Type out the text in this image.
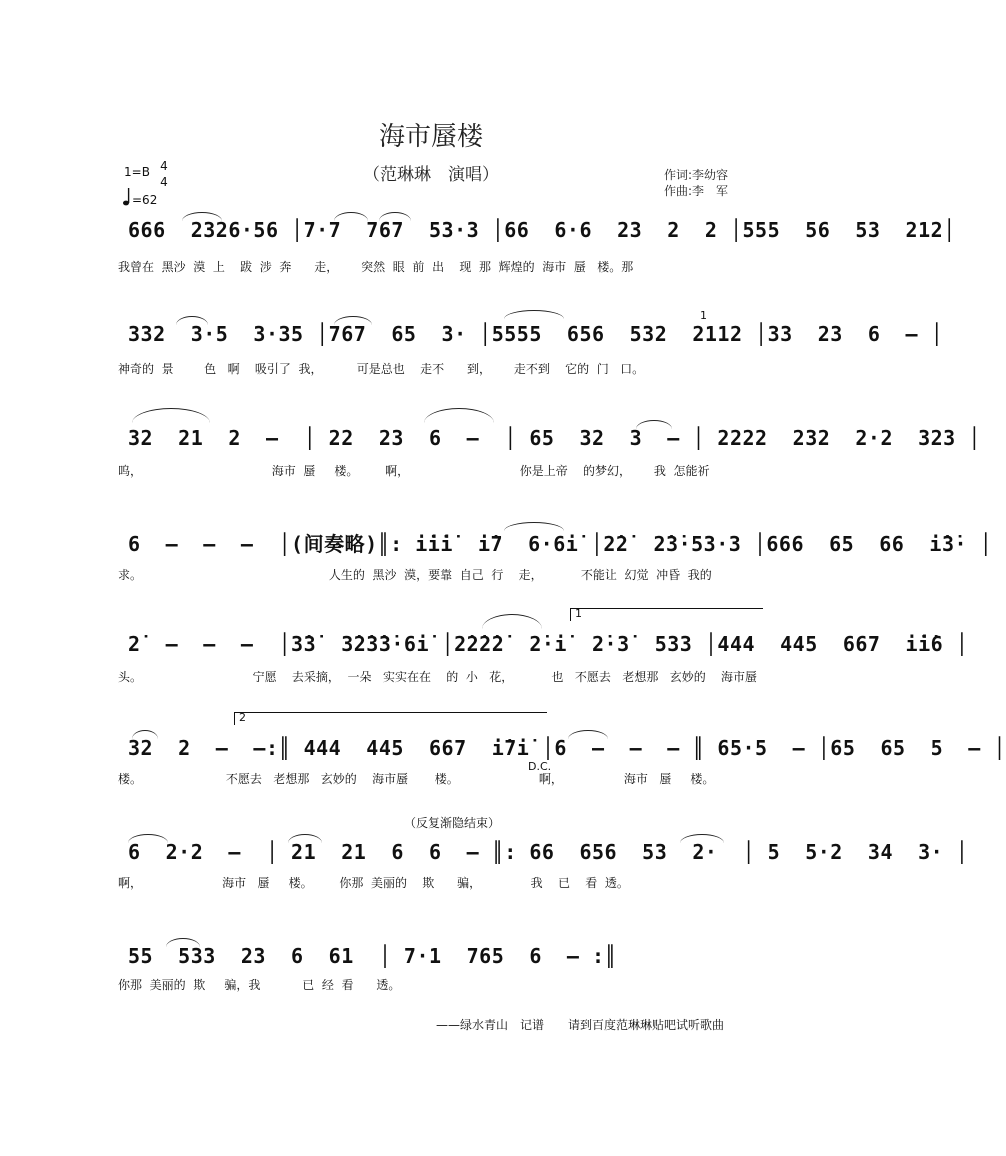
海市蜃楼
（范琳琳　演唱）	作词:李幼容
作曲:李　军
1=B 4
4
=62
666  2326·56 │7·7  767  53·3 │66  6·6  23  2  2 │555  56  53  212│
我曾在  黑沙  漠  上    跋  涉  奔      走，      突然  眼  前  出    现  那  辉煌的  海市  蜃   楼。那
332  3·5  3·35 │767  65  3· │5555  656  532  2112 │33  23  6  — │
神奇的  景        色   啊    吸引了  我，         可是总也    走不      到，      走不到    它的  门   口。
1
32  21  2  —  │ 22  23  6  —  │ 65  32  3  — │ 2222  232  2·2  323 │
呜，                                  海市  蜃     楼。       啊，                             你是上帝    的梦幻，      我  怎能祈
6  —  —  —  │(间奏略)║: i̇i̇i̇  i̇7  6·6i̇ │2̇2̇  2̇3̇·53·3 │666  65  66  i̇3̇· │
求。                                                 人生的  黑沙  漠，要靠  自己  行    走，          不能让  幻觉  冲昏  我的
2̇  —  —  —  │3̇3̇  3̇2̇3̇3̇·6i̇ │2̇2̇2̇2̇  2̇·i̇  2̇·3̇  533 │444  445  667  i̇i̇6 │
1
头。                             宁愿    去采摘，  一朵   实实在在    的  小   花，          也   不愿去   老想那   玄妙的    海市蜃
32  2  —  —:║ 444  445  667  i̇7i̇ │6  —  —  — ║ 65·5  — │65  65  5  — │
2
D.C.
楼。                      不愿去   老想那   玄妙的    海市蜃       楼。                     啊，                海市   蜃     楼。
（反复渐隐结束）
6  2·2  —  │ 21  21  6  6  — ║: 66  656  53  2·  │ 5  5·2  34  3· │
啊，                     海市   蜃     楼。       你那  美丽的    欺      骗，             我    已    看  透。
55  533  23  6  61  │ 7·1  765  6  — :║
你那  美丽的  欺     骗，我           已  经  看      透。
——绿水青山　记谱 请到百度范琳琳贴吧试听歌曲
